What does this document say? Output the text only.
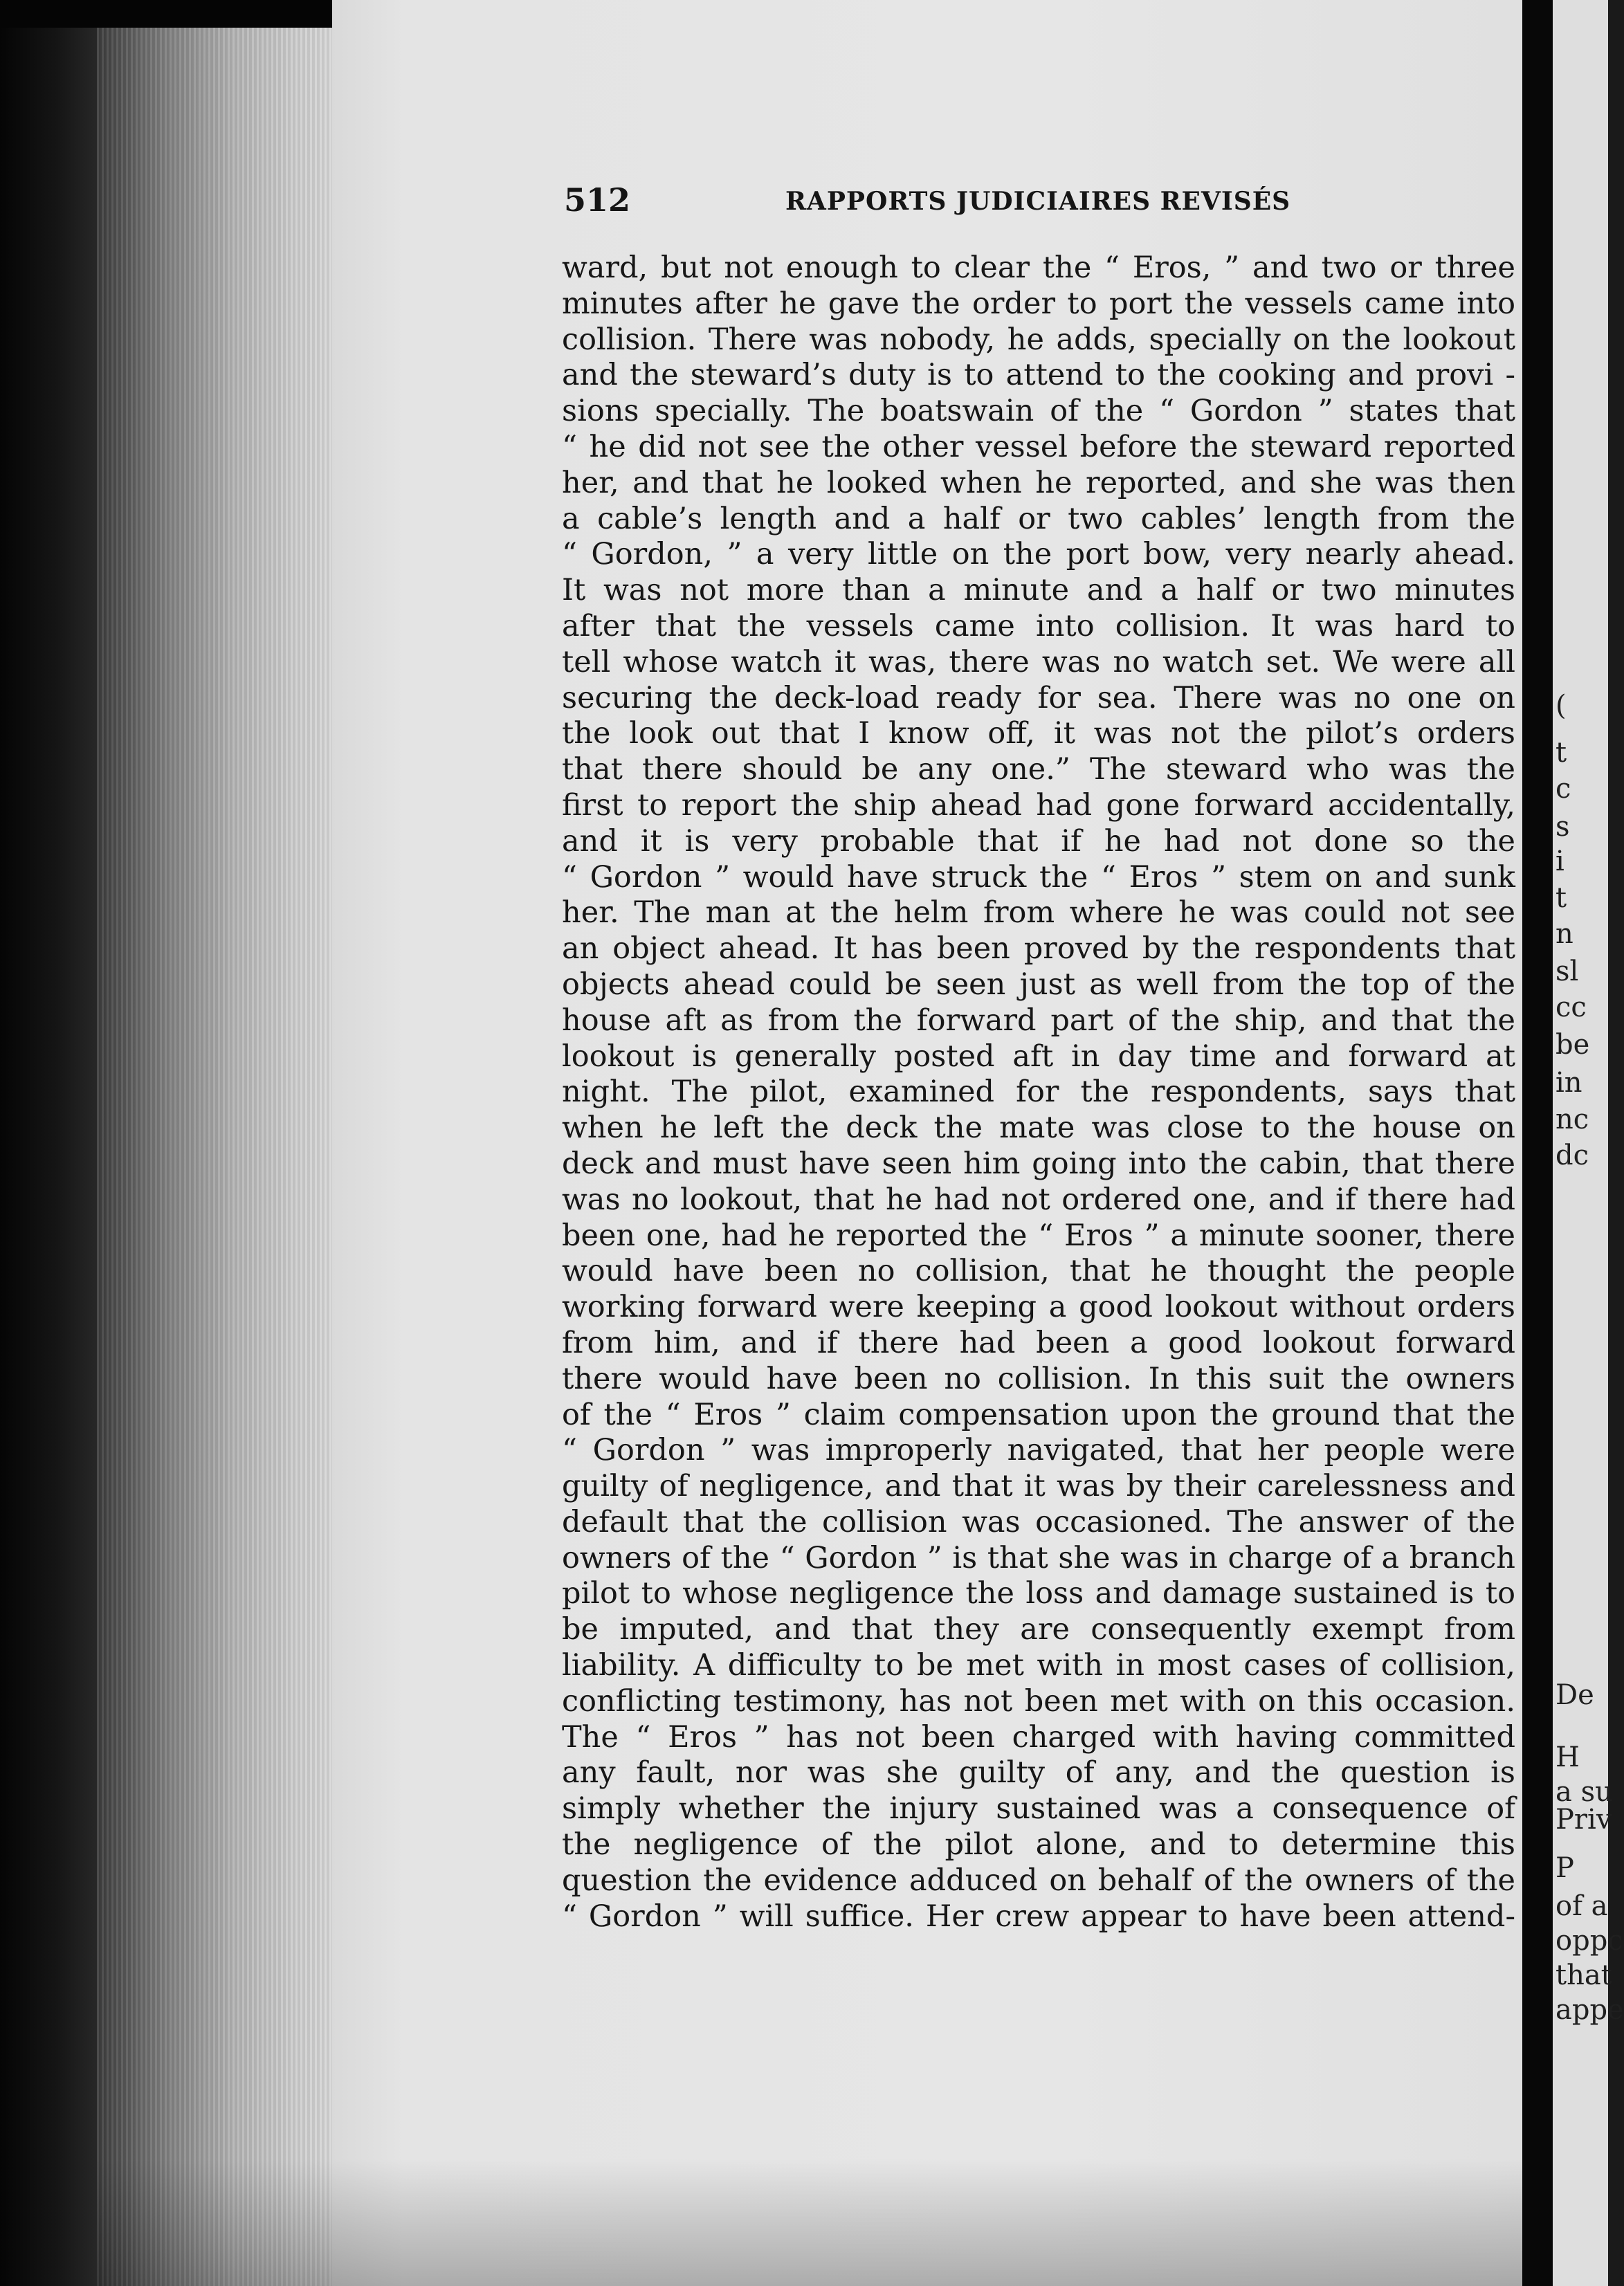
512	RAPPORTS JUDICIAIRES REVISÉS
ward, but not enough to clear the “ Eros, ” and two or three
minutes after he gave the order to port the vessels came into
collision. There was nobody, he adds, specially on the lookout
and the steward’s duty is to attend to the cooking and provi -
sions specially. The boatswain of the “ Gordon ” states that
“ he did not see the other vessel before the steward reported
her, and that he looked when he reported, and she was then
a cable’s length and a half or two cables’ length from the
“ Gordon, ” a very little on the port bow, very nearly ahead.
It was not more than a minute and a half or two minutes
after that the vessels came into collision. It was hard to
tell whose watch it was, there was no watch set. We were all
securing the deck-load ready for sea. There was no one on
the look out that I know off, it was not the pilot’s orders
that there should be any one.” The steward who was the
first to report the ship ahead had gone forward accidentally,
and it is very probable that if he had not done so the
“ Gordon ” would have struck the “ Eros ” stem on and sunk
her. The man at the helm from where he was could not see
an object ahead. It has been proved by the respondents that
objects ahead could be seen just as well from the top of the
house aft as from the forward part of the ship, and that the
lookout is generally posted aft in day time and forward at
night. The pilot, examined for the respondents, says that
when he left the deck the mate was close to the house on
deck and must have seen him going into the cabin, that there
was no lookout, that he had not ordered one, and if there had
been one, had he reported the “ Eros ” a minute sooner, there
would have been no collision, that he thought the people
working forward were keeping a good lookout without orders
from him, and if there had been a good lookout forward
there would have been no collision. In this suit the owners
of the “ Eros ” claim compensation upon the ground that the
“ Gordon ” was improperly navigated, that her people were
guilty of negligence, and that it was by their carelessness and
default that the collision was occasioned. The answer of the
owners of the “ Gordon ” is that she was in charge of a branch
pilot to whose negligence the loss and damage sustained is to
be imputed, and that they are consequently exempt from
liability. A difficulty to be met with in most cases of collision,
conflicting testimony, has not been met with on this occasion.
The “ Eros ” has not been charged with having committed
any fault, nor was she guilty of any, and the question is
simply whether the injury sustained was a consequence of
the negligence of the pilot alone, and to determine this
question the evidence adduced on behalf of the owners of the
“ Gordon ” will suffice. Her crew appear to have been attend-
(
t
c
s
i
t
n
sl
cc
be
in
nc
dc
De
H
a su
Priv
P
of a
oppc
that
appe
